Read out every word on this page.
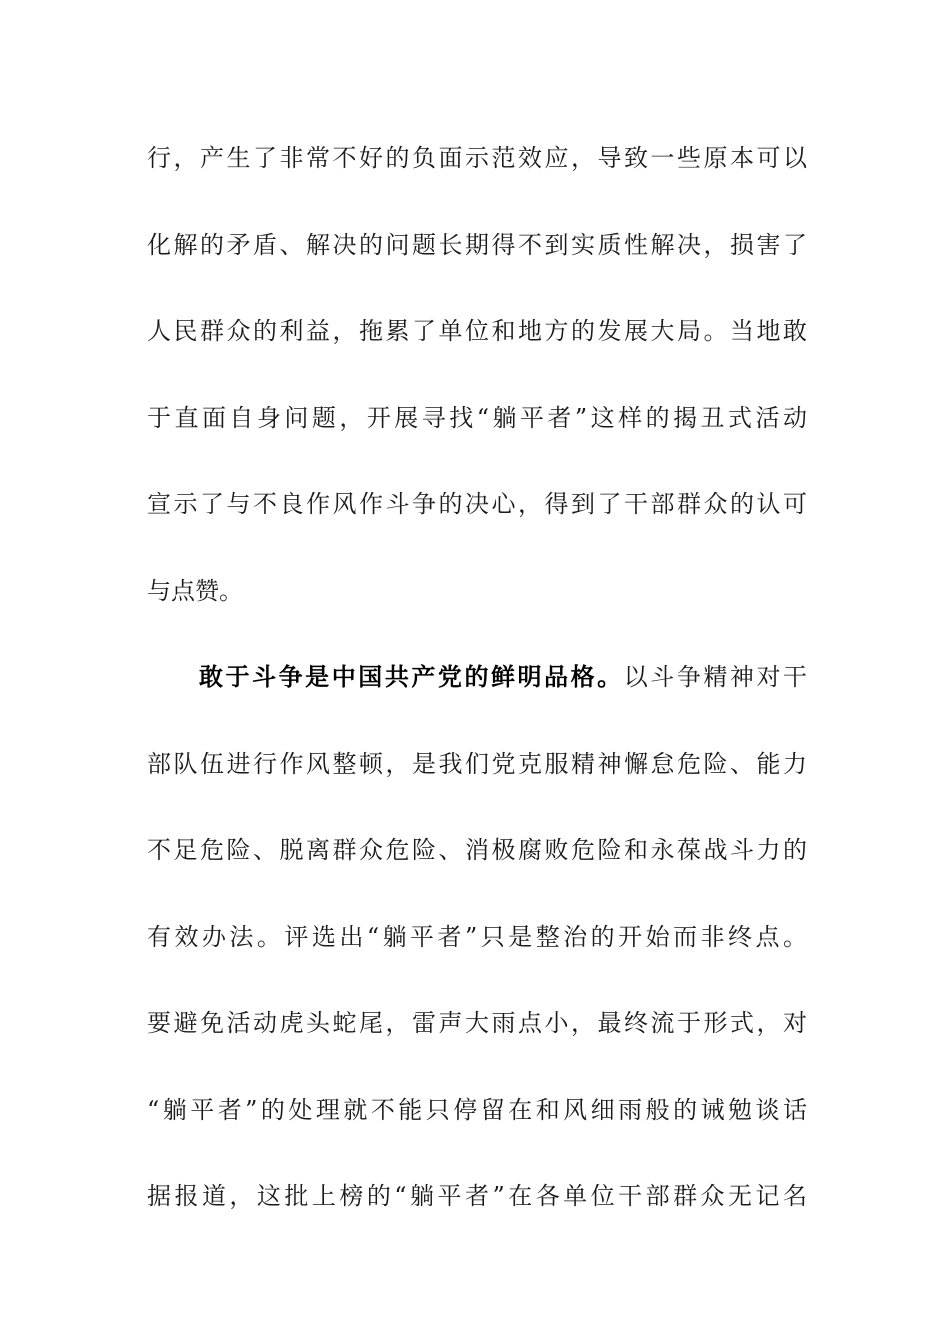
行，产生了非常不好的负面示范效应，导致一些原本可以
化解的矛盾、解决的问题长期得不到实质性解决，损害了
人民群众的利益，拖累了单位和地方的发展大局。当地敢
于直面自身问题，开展寻找“躺平者”这样的揭丑式活动
宣示了与不良作风作斗争的决心，得到了干部群众的认可
与点赞。
敢于斗争是中国共产党的鲜明品格。以斗争精神对干
部队伍进行作风整顿，是我们党克服精神懈怠危险、能力
不足危险、脱离群众危险、消极腐败危险和永葆战斗力的
有效办法。评选出“躺平者”只是整治的开始而非终点。
要避免活动虎头蛇尾，雷声大雨点小，最终流于形式，对
“躺平者”的处理就不能只停留在和风细雨般的诫勉谈话
据报道，这批上榜的“躺平者”在各单位干部群众无记名
